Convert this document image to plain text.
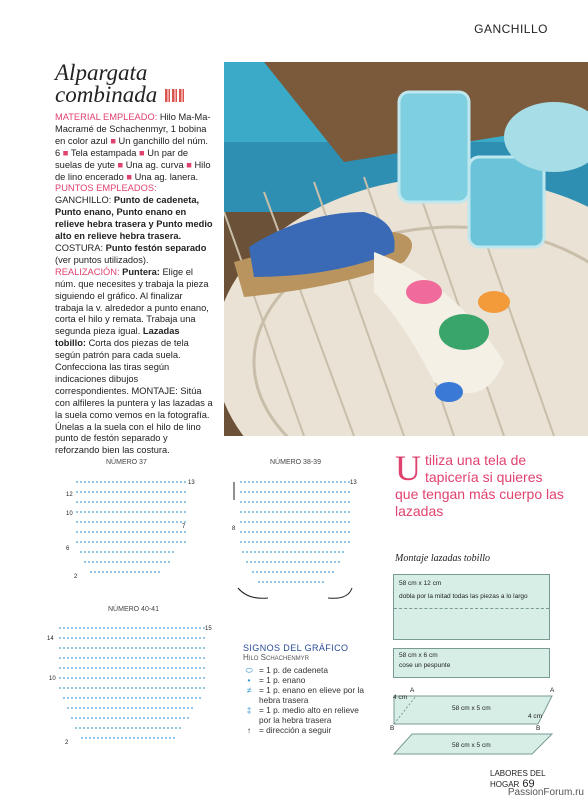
GANCHILLO
Alpargata
combinada
MATERIAL EMPLEADO: Hilo Ma-Ma-Macramé de Schachenmyr, 1 bobina en color azul ■ Un ganchillo del núm. 6 ■ Tela estampada ■ Un par de suelas de yute ■ Una ag. curva ■ Hilo de lino encerado ■ Una ag. lanera.
PUNTOS EMPLEADOS: GANCHILLO: Punto de cadeneta, Punto enano, Punto enano en relieve hebra trasera y Punto medio alto en relieve hebra trasera. COSTURA: Punto festón separado (ver puntos utilizados).
REALIZACIÓN: Puntera: Elige el núm. que necesites y trabaja la pieza siguiendo el gráfico. Al finalizar trabaja la v. alrededor a punto enano, corta el hilo y remata. Trabaja una segunda pieza igual. Lazadas tobillo: Corta dos piezas de tela según patrón para cada suela. Confecciona las tiras según indicaciones dibujos correspondientes. MONTAJE: Sitúa con alfileres la puntera y las lazadas a la suela como vemos en la fotografía. Únelas a la suela con el hilo de lino punto de festón separado y reforzando bien las costura.	Utiliza una tela de tapicería si quieres que tengan más cuerpo las lazadas
NÚMERO 37
12
13
10
6
2
7
NÚMERO 38-39
13
8
NÚMERO 40-41
14
15
10
2
SIGNOS DEL GRÁFICO
Hilo Schachenmyr
⬭ = 1 p. de cadeneta
•	= 1 p. enano
≠ = 1 p. enano en elieve por la hebra trasera
‡ = 1 p. medio alto en relieve por la hebra trasera
↑ = dirección a seguir
Montaje lazadas tobillo
58 cm x 12 cm
dobla por la mitad todas las piezas a lo largo
58 cm x 6 cm
cose un pespunte
4 cm
4 cm
58 cm x 5 cm
A	A
B	B
58 cm x 5 cm
LABORES DEL HOGAR 69
PassionForum.ru
